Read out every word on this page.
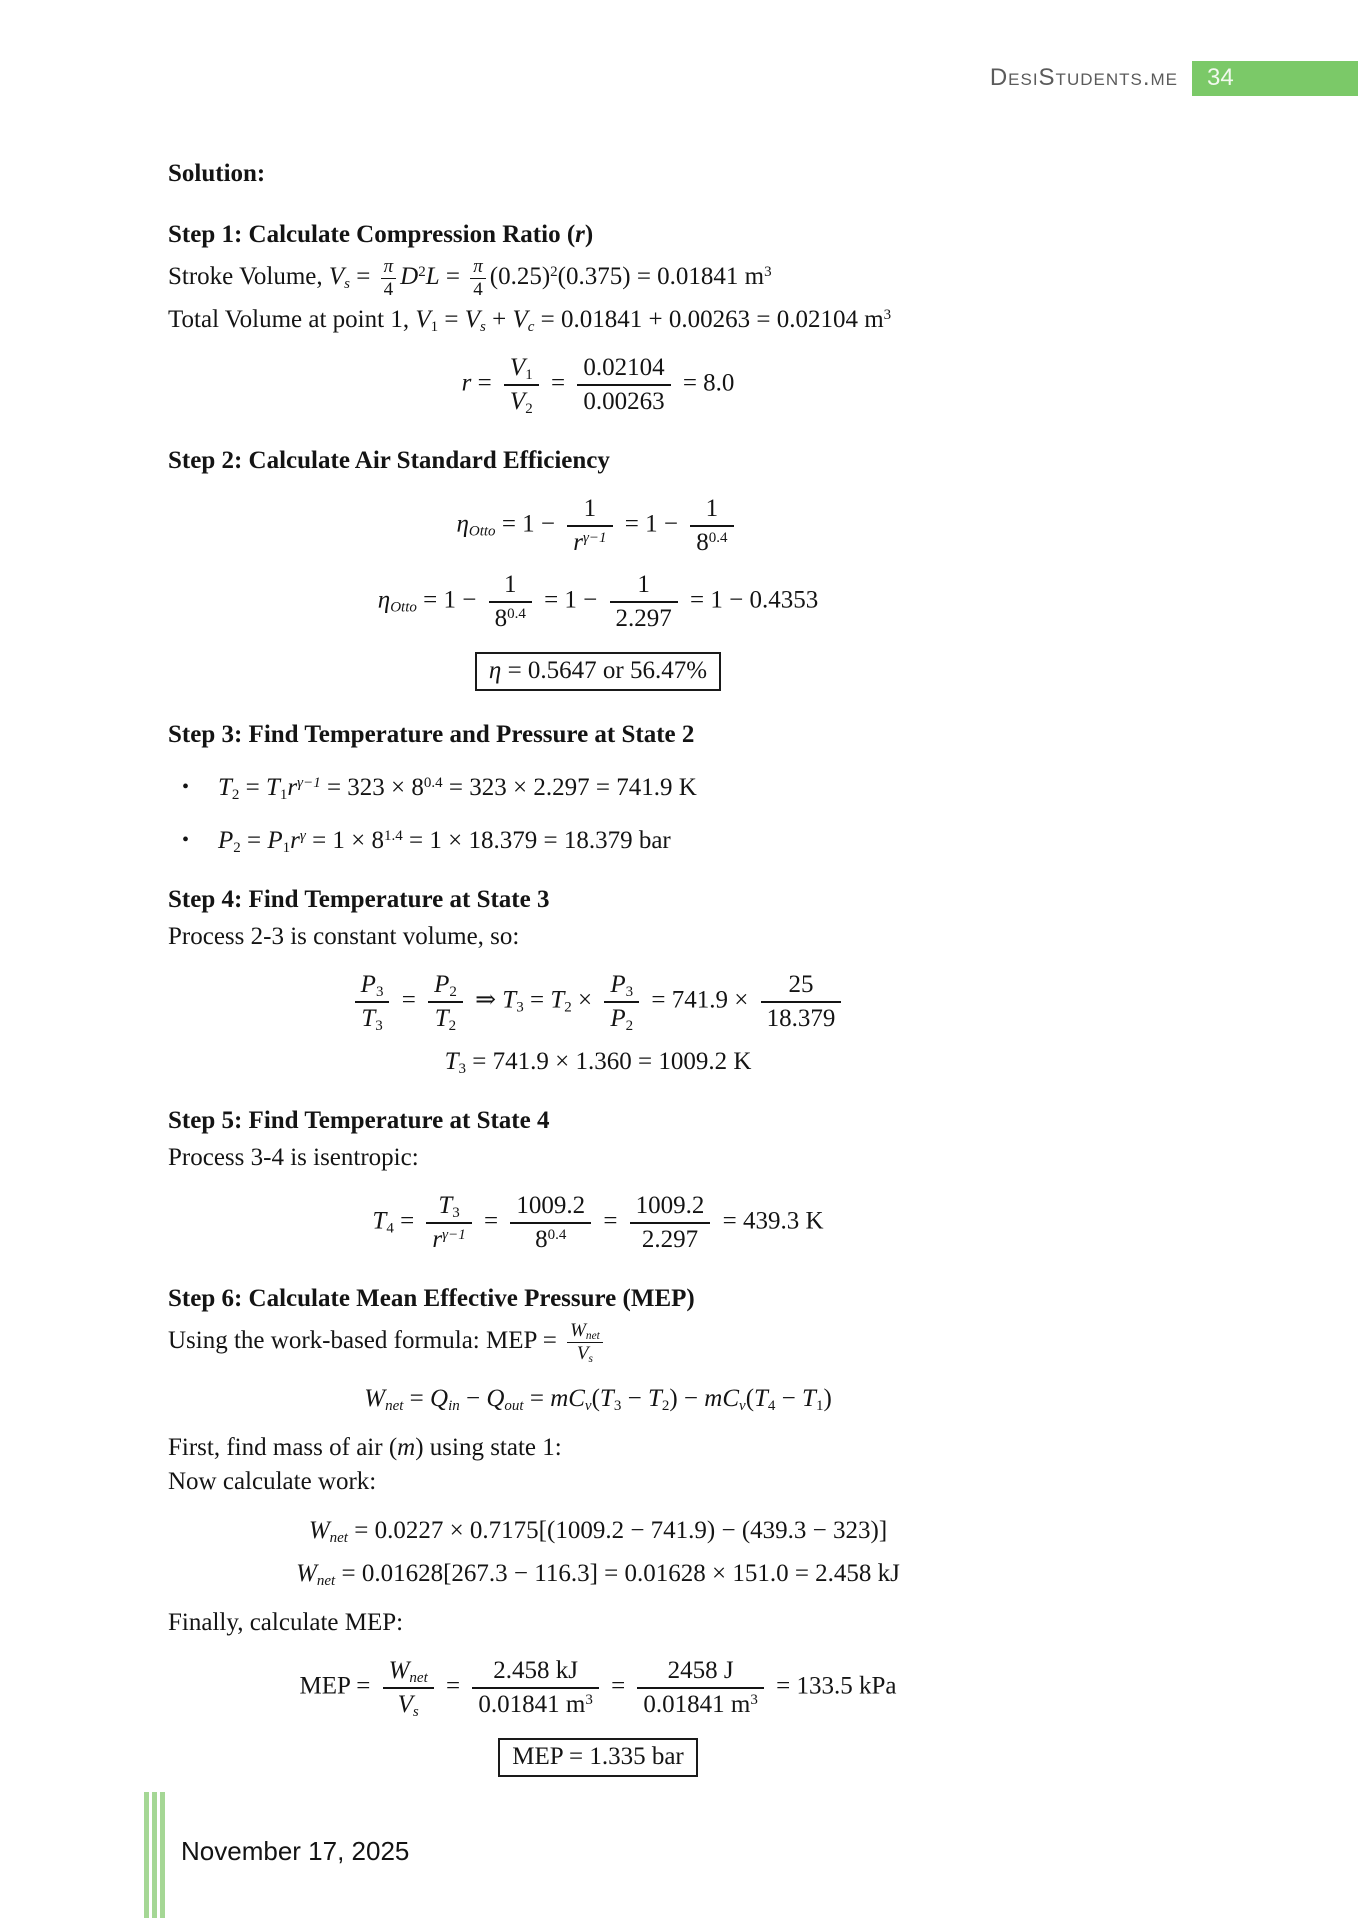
DesiStudents.me 34
Solution:
Step 1: Calculate Compression Ratio (r)
Stroke Volume, $V_s = \frac{\pi}{4} D^2L = \frac{\pi}{4} (0.25)^2(0.375) = 0.01841$ $m^3$
Total Volume at point 1, $V_1 = V_s + V_c = 0.01841 + 0.00263 = 0.02104$ $m^3$
$r = \frac{V_1}{V_2} = \frac{0.02104}{0.00263} = 8.0$
Step 2: Calculate Air Standard Efficiency
$\eta_{Otto} = 1 - \frac{1}{r^{\gamma-1}} = 1 - \frac{1}{8^{0.4}}$
$\eta_{Otto} = 1 - \frac{1}{8^{0.4}} = 1 - \frac{1}{2.297} = 1 - 0.4353$
η = 0.5647 or 56.47%
Step 3: Find Temperature and Pressure at State 2
•	$T_2 = T_1r^{\gamma-1} = 323 \times 8^{0.4} = 323 \times 2.297 = 741.9$ K
•	$P_2 = P_1r^\gamma = 1 \times 8^{1.4} = 1 \times 18.379 = 18.379$ bar
Step 4: Find Temperature at State 3
Process 2-3 is constant volume, so:
$\frac{P_3}{T_3} = \frac{P_2}{T_2}$ ⇒ $T_3 = T_2 \times \frac{P_3}{P_2} = 741.9 \times \frac{25}{18.379}$
$T_3 = 741.9 \times 1.360 = 1009.2$ K
Step 5: Find Temperature at State 4
Process 3-4 is isentropic:
$T_4 = \frac{T_3}{r^{\gamma-1}} = \frac{1009.2}{8^{0.4}} = \frac{1009.2}{2.297} = 439.3$ K
Step 6: Calculate Mean Effective Pressure (MEP)
Using the work-based formula: MEP = $\frac{W_{net}}{V_s}$
$W_{net} = Q_{in} - Q_{out} = mC_v(T_3 - T_2) - mC_v(T_4 - T_1)$
First, find mass of air (m) using state 1:
Now calculate work:
$W_{net} = 0.0227 \times 0.7175[(1009.2 - 741.9) - (439.3 - 323)]$
$W_{net} = 0.01628[267.3 - 116.3] = 0.01628 \times 151.0 = 2.458$ kJ
Finally, calculate MEP:
MEP = $\frac{W_{net}}{V_s} = \frac{2.458 kJ}{0.01841 m^3} = \frac{2458 J}{0.01841 m^3} = 133.5$ kPa
MEP = 1.335 bar
November 17, 2025
